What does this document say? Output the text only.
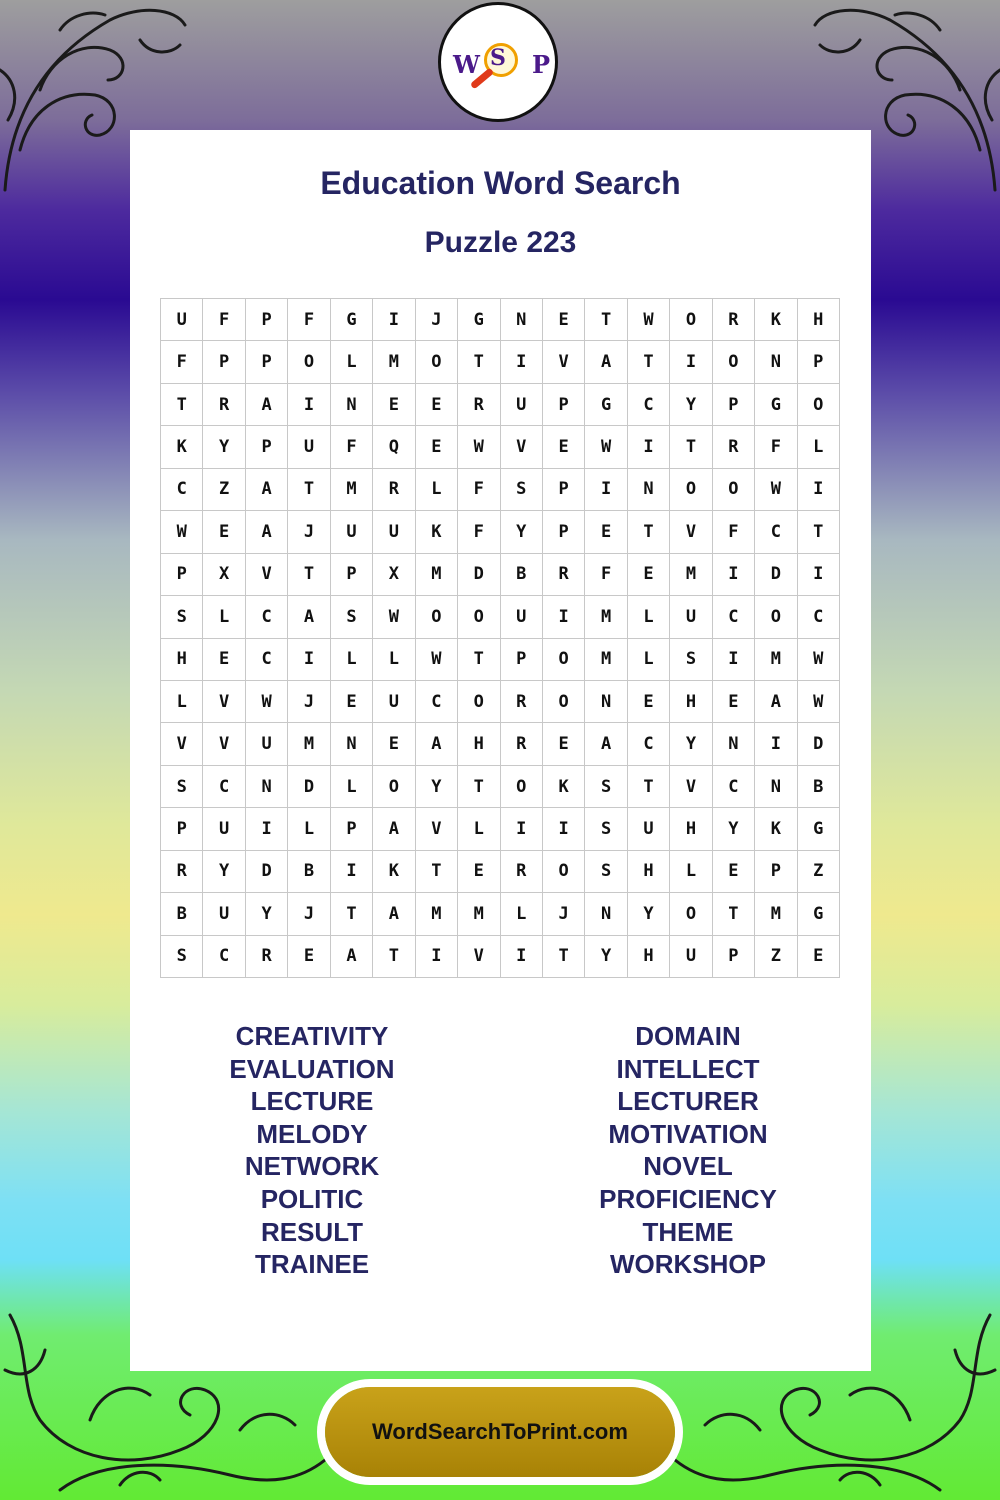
W S P
Education Word Search
Puzzle 223
U	F	P	F	G	I	J	G	N	E	T	W	O	R	K	H
F	P	P	O	L	M	O	T	I	V	A	T	I	O	N	P
T	R	A	I	N	E	E	R	U	P	G	C	Y	P	G	O
K	Y	P	U	F	Q	E	W	V	E	W	I	T	R	F	L
C	Z	A	T	M	R	L	F	S	P	I	N	O	O	W	I
W	E	A	J	U	U	K	F	Y	P	E	T	V	F	C	T
P	X	V	T	P	X	M	D	B	R	F	E	M	I	D	I
S	L	C	A	S	W	O	O	U	I	M	L	U	C	O	C
H	E	C	I	L	L	W	T	P	O	M	L	S	I	M	W
L	V	W	J	E	U	C	O	R	O	N	E	H	E	A	W
V	V	U	M	N	E	A	H	R	E	A	C	Y	N	I	D
S	C	N	D	L	O	Y	T	O	K	S	T	V	C	N	B
P	U	I	L	P	A	V	L	I	I	S	U	H	Y	K	G
R	Y	D	B	I	K	T	E	R	O	S	H	L	E	P	Z
B	U	Y	J	T	A	M	M	L	J	N	Y	O	T	M	G
S	C	R	E	A	T	I	V	I	T	Y	H	U	P	Z	E
CREATIVITY
EVALUATION
LECTURE
MELODY
NETWORK
POLITIC
RESULT
TRAINEE
DOMAIN
INTELLECT
LECTURER
MOTIVATION
NOVEL
PROFICIENCY
THEME
WORKSHOP
WordSearchToPrint.com
